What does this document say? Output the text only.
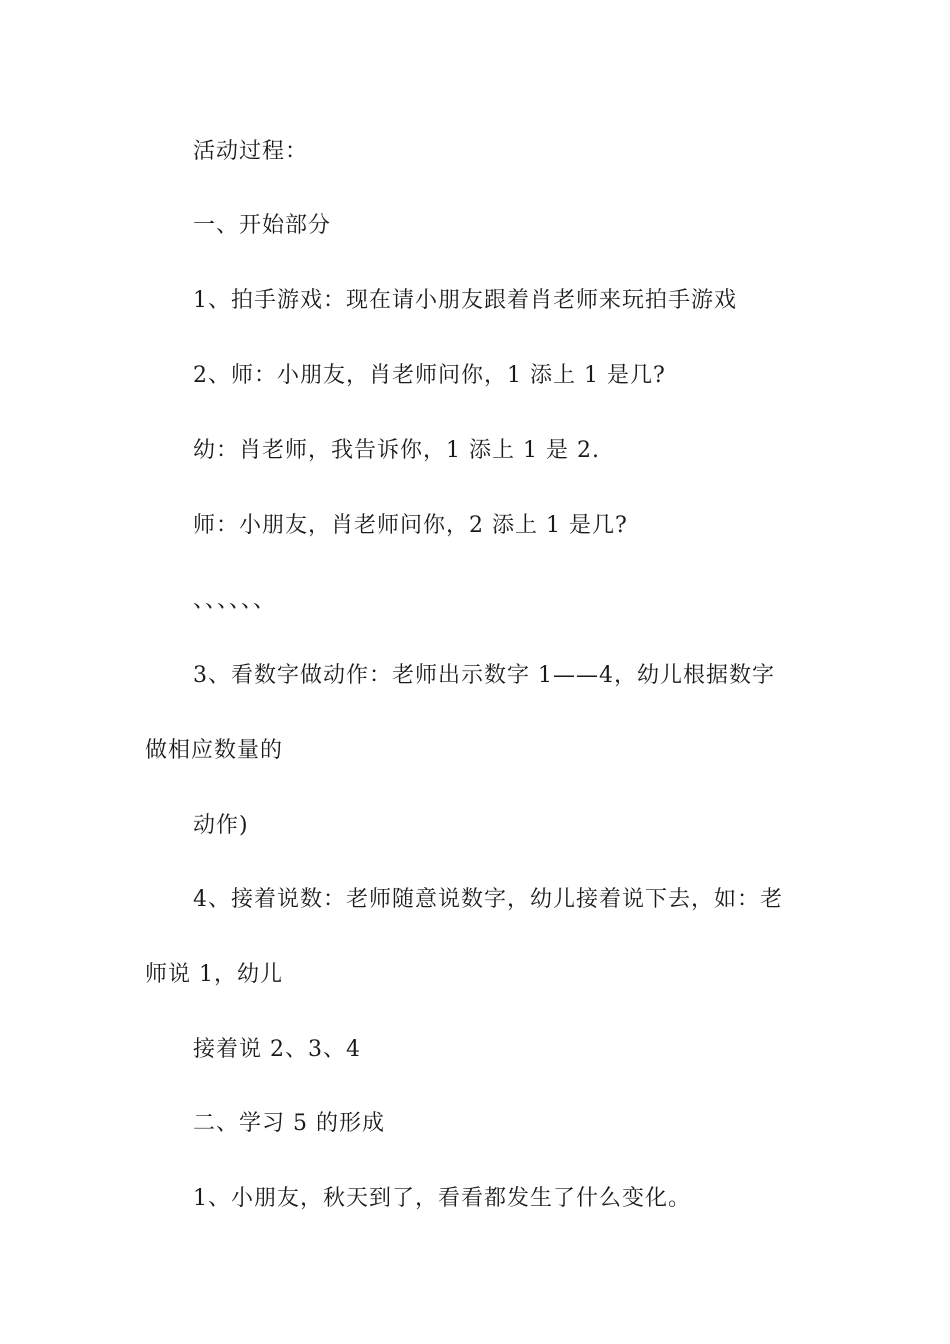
活动过程：

一、开始部分

1、拍手游戏：现在请小朋友跟着肖老师来玩拍手游戏

2、师：小朋友，肖老师问你，1 添上 1 是几?

幼：肖老师，我告诉你，1 添上 1 是 2.

师：小朋友，肖老师问你，2 添上 1 是几?

、、、、、、

3、看数字做动作：老师出示数字 1——4，幼儿根据数字

做相应数量的

动作)

4、接着说数：老师随意说数字，幼儿接着说下去，如：老

师说 1，幼儿

接着说 2、3、4

二、学习 5 的形成

1、小朋友，秋天到了，看看都发生了什么变化。
